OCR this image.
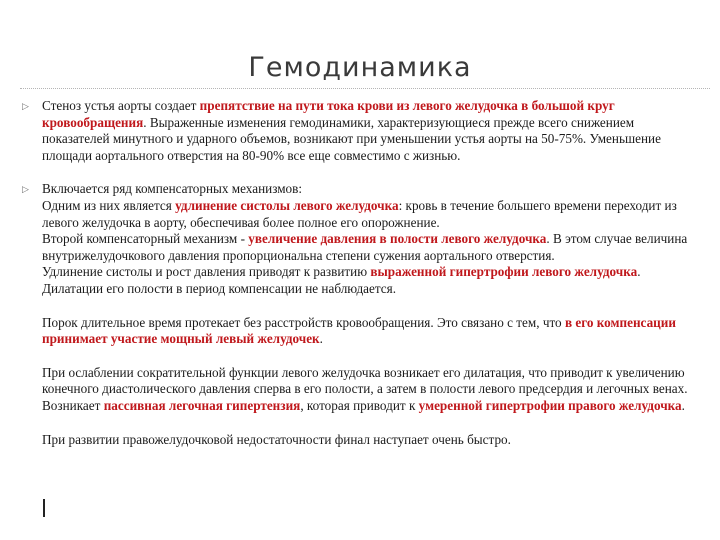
Гемодинамика
▷ Стеноз устья аорты создает препятствие на пути тока крови из левого желудочка в большой круг кровообращения. Выраженные изменения гемодинамики, характеризующиеся прежде всего снижением показателей минутного и ударного объемов, возникают при уменьшении устья аорты на 50-75%. Уменьшение площади аортального отверстия на 80-90% все еще совместимо с жизнью.
▷ Включается ряд компенсаторных механизмов:
Одним из них является удлинение систолы левого желудочка: кровь в течение большего времени переходит из левого желудочка в аорту, обеспечивая более полное его опорожнение.
Второй компенсаторный механизм - увеличение давления в полости левого желудочка. В этом случае величина внутрижелудочкового давления пропорциональна степени сужения аортального отверстия.
Удлинение систолы и рост давления приводят к развитию выраженной гипертрофии левого желудочка. Дилатации его полости в период компенсации не наблюдается.
Порок длительное время протекает без расстройств кровообращения. Это связано с тем, что в его компенсации принимает участие мощный левый желудочек.
При ослаблении сократительной функции левого желудочка возникает его дилатация, что приводит к увеличению конечного диастолического давления сперва в его полости, а затем в полости левого предсердия и легочных венах. Возникает пассивная легочная гипертензия, которая приводит к умеренной гипертрофии правого желудочка.
При развитии правожелудочковой недостаточности финал наступает очень быстро.
